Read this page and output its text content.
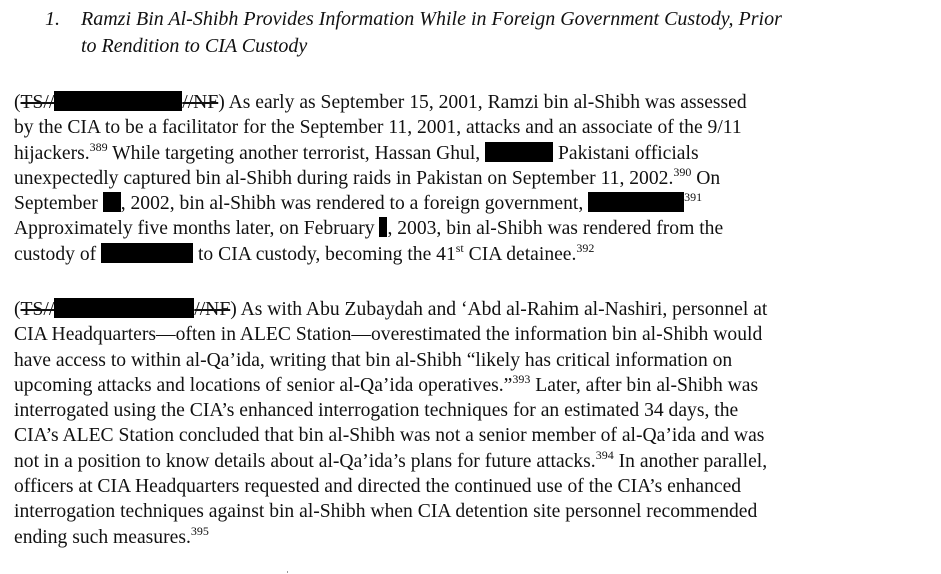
1. Ramzi Bin Al-Shibh Provides Information While in Foreign Government Custody, Prior
to Rendition to CIA Custody
(TS//	//NF) As early as September 15, 2001, Ramzi bin al-Shibh was assessed
by the CIA to be a facilitator for the September 11, 2001, attacks and an associate of the 9/11
hijackers.$^{389}$ While targeting another terrorist, Hassan Ghul,	Pakistani officials
unexpectedly captured bin al-Shibh during raids in Pakistan on September 11, 2002.$^{390}$ On
September , 2002, bin al-Shibh was rendered to a foreign government,	$^{391}$
Approximately five months later, on February , 2003, bin al-Shibh was rendered from the
custody of	to CIA custody, becoming the 41st CIA detainee.$^{392}$
(TS//	//NF) As with Abu Zubaydah and ‘Abd al-Rahim al-Nashiri, personnel at
CIA Headquarters—often in ALEC Station—overestimated the information bin al-Shibh would
have access to within al-Qa’ida, writing that bin al-Shibh “likely has critical information on
upcoming attacks and locations of senior al-Qa’ida operatives.”$^{393}$ Later, after bin al-Shibh was
interrogated using the CIA’s enhanced interrogation techniques for an estimated 34 days, the
CIA’s ALEC Station concluded that bin al-Shibh was not a senior member of al-Qa’ida and was
not in a position to know details about al-Qa’ida’s plans for future attacks.$^{394}$ In another parallel,
officers at CIA Headquarters requested and directed the continued use of the CIA’s enhanced
interrogation techniques against bin al-Shibh when CIA detention site personnel recommended
ending such measures.$^{395}$
